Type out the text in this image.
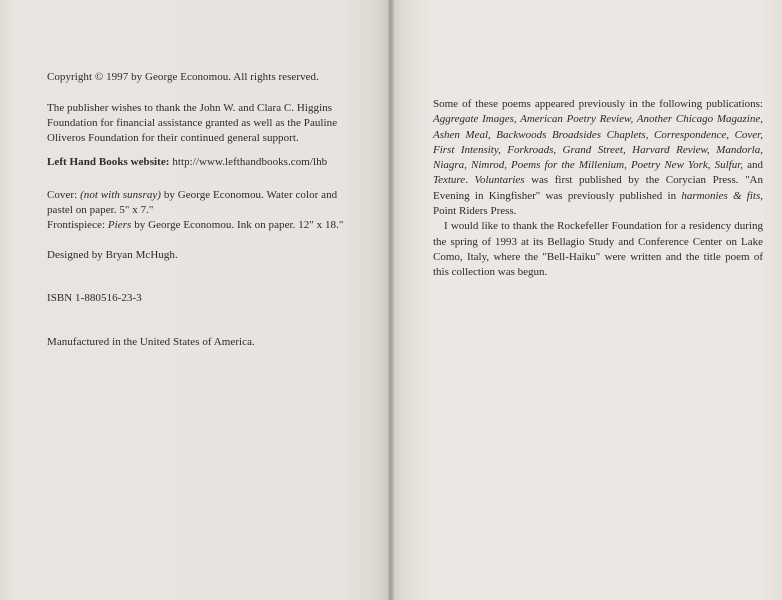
Copyright © 1997 by George Economou. All rights reserved.

The publisher wishes to thank the John W. and Clara C. Higgins

Foundation for financial assistance granted as well as the Pauline

Oliveros Foundation for their continued general support.

Left Hand Books website: http://www.lefthandbooks.com/lhb

Cover: (not with sunsray) by George Economou. Water color and

pastel on paper. 5" x 7."

Frontispiece: Piers by George Economou. Ink on paper. 12" x 18."

Designed by Bryan McHugh.

ISBN 1-880516-23-3

Manufactured in the United States of America.

Some of these poems appeared previously in the following publications: Aggregate Images, American Poetry Review, Another Chicago Magazine, Ashen Meal, Backwoods Broadsides Chaplets, Correspondence, Cover, First Intensity, Forkroads, Grand Street, Harvard Review, Mandorla, Niagra, Nimrod, Poems for the Millenium, Poetry New York, Sulfur, and Texture. Voluntaries was first published by the Corycian Press. "An Evening in Kingfisher" was previously published in harmonies & fits, Point Riders Press.

I would like to thank the Rockefeller Foundation for a residency during the spring of 1993 at its Bellagio Study and Conference Center on Lake Como, Italy, where the "Bell-Haiku" were written and the title poem of this collection was begun.
